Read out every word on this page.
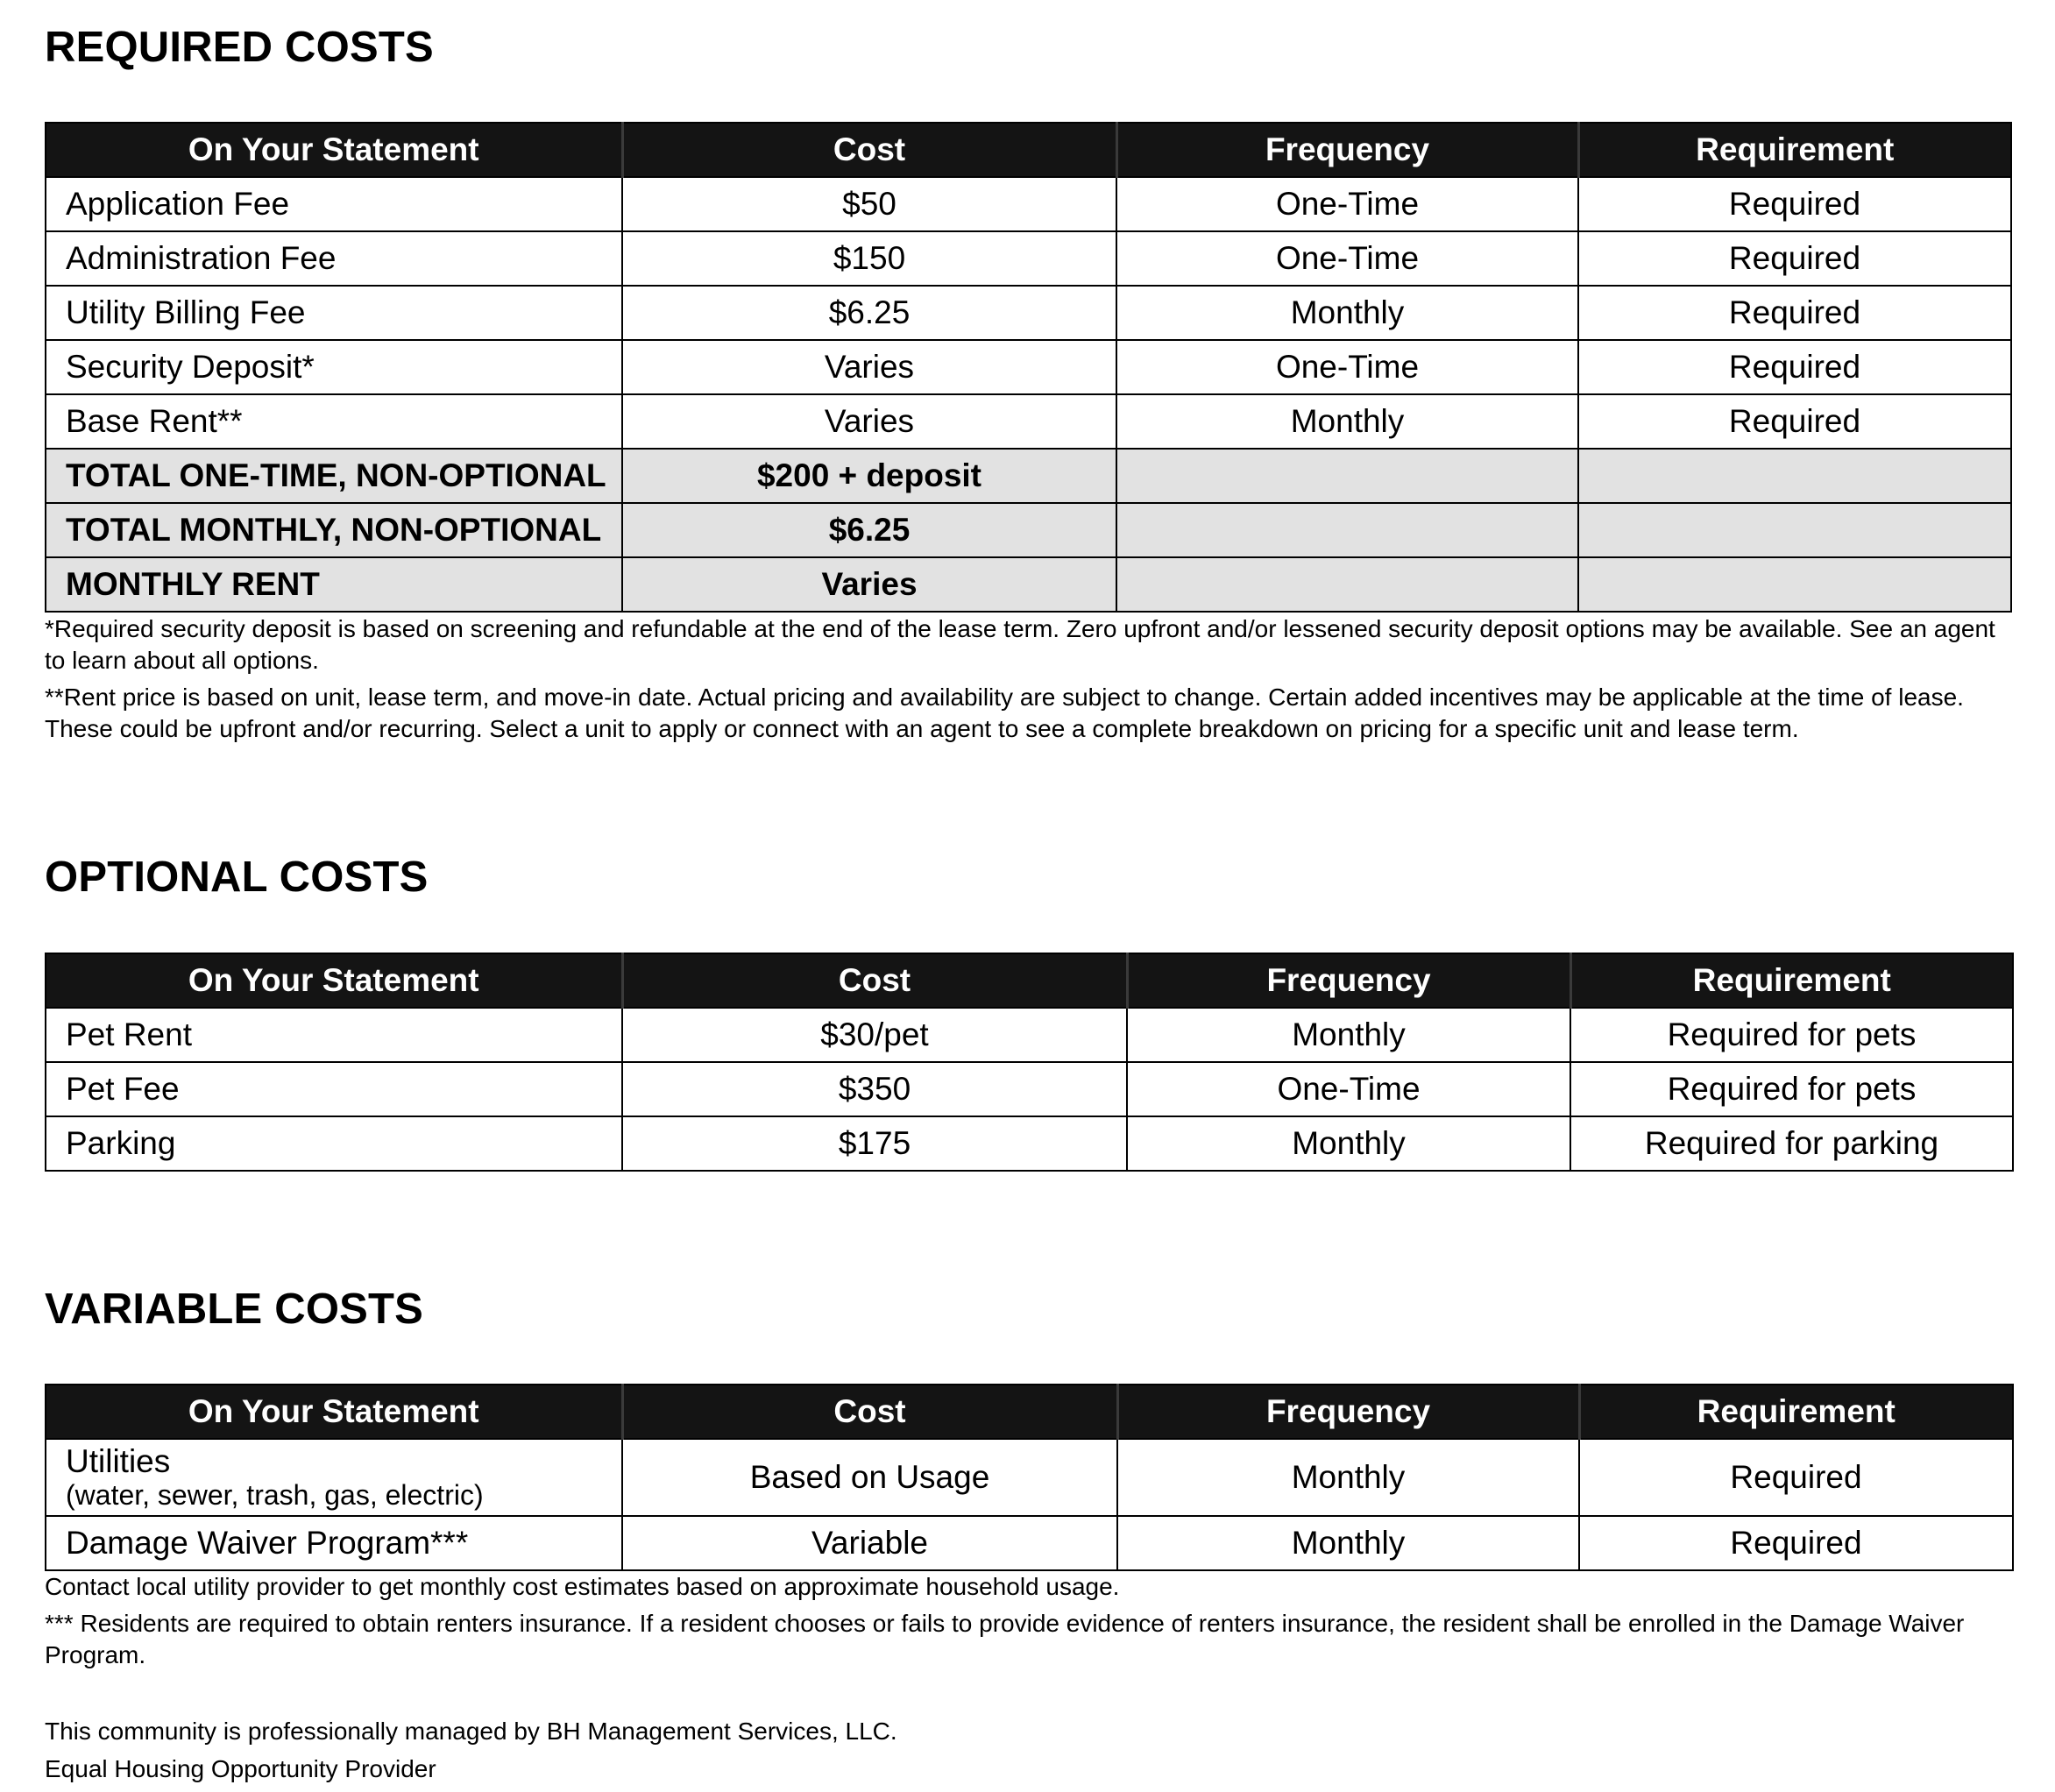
REQUIRED COSTS
On Your Statement	Cost	Frequency	Requirement
Application Fee	$50	One-Time	Required
Administration Fee	$150	One-Time	Required
Utility Billing Fee	$6.25	Monthly	Required
Security Deposit*	Varies	One-Time	Required
Base Rent**	Varies	Monthly	Required
TOTAL ONE-TIME, NON-OPTIONAL	$200 + deposit		
TOTAL MONTHLY, NON-OPTIONAL	$6.25		
MONTHLY RENT	Varies		

*Required security deposit is based on screening and refundable at the end of the lease term. Zero upfront and/or lessened security deposit options may be available. See an agent to learn about all options.

**Rent price is based on unit, lease term, and move-in date. Actual pricing and availability are subject to change. Certain added incentives may be applicable at the time of lease. These could be upfront and/or recurring. Select a unit to apply or connect with an agent to see a complete breakdown on pricing for a specific unit and lease term.

OPTIONAL COSTS
On Your Statement	Cost	Frequency	Requirement
Pet Rent	$30/pet	Monthly	Required for pets
Pet Fee	$350	One-Time	Required for pets
Parking	$175	Monthly	Required for parking
VARIABLE COSTS
On Your Statement	Cost	Frequency	Requirement

Utilities
(water, sewer, trash, gas, electric)	Based on Usage	Monthly	Required
Damage Waiver Program***	Variable	Monthly	Required

Contact local utility provider to get monthly cost estimates based on approximate household usage.

*** Residents are required to obtain renters insurance. If a resident chooses or fails to provide evidence of renters insurance, the resident shall be enrolled in the Damage Waiver Program.

This community is professionally managed by BH Management Services, LLC.

Equal Housing Opportunity Provider
